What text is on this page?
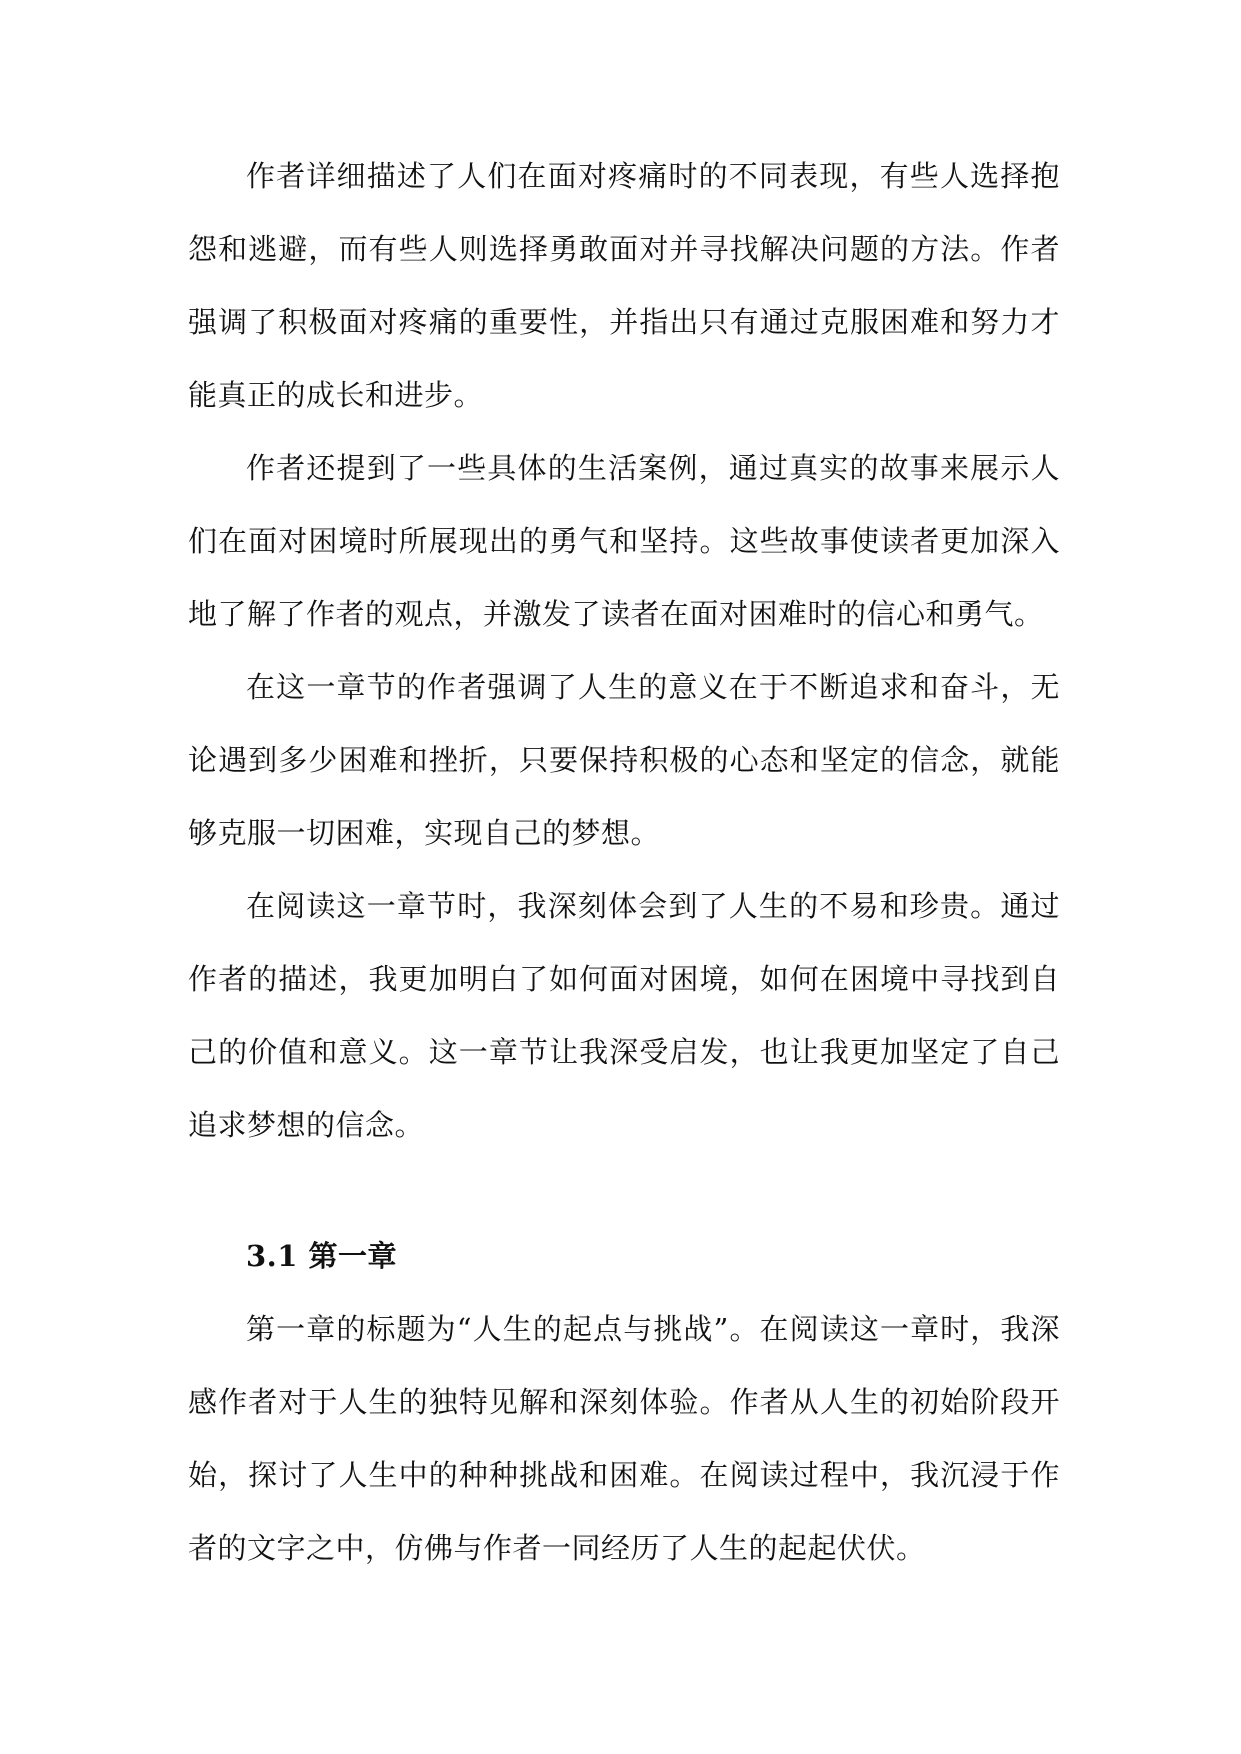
作者详细描述了人们在面对疼痛时的不同表现，有些人选择抱怨和逃避，而有些人则选择勇敢面对并寻找解决问题的方法。作者强调了积极面对疼痛的重要性，并指出只有通过克服困难和努力才能真正的成长和进步。

作者还提到了一些具体的生活案例，通过真实的故事来展示人们在面对困境时所展现出的勇气和坚持。这些故事使读者更加深入地了解了作者的观点，并激发了读者在面对困难时的信心和勇气。

在这一章节的作者强调了人生的意义在于不断追求和奋斗，无论遇到多少困难和挫折，只要保持积极的心态和坚定的信念，就能够克服一切困难，实现自己的梦想。

在阅读这一章节时，我深刻体会到了人生的不易和珍贵。通过作者的描述，我更加明白了如何面对困境，如何在困境中寻找到自己的价值和意义。这一章节让我深受启发，也让我更加坚定了自己追求梦想的信念。

3.1 第一章

第一章的标题为“人生的起点与挑战”。在阅读这一章时，我深感作者对于人生的独特见解和深刻体验。作者从人生的初始阶段开始，探讨了人生中的种种挑战和困难。在阅读过程中，我沉浸于作者的文字之中，仿佛与作者一同经历了人生的起起伏伏。
